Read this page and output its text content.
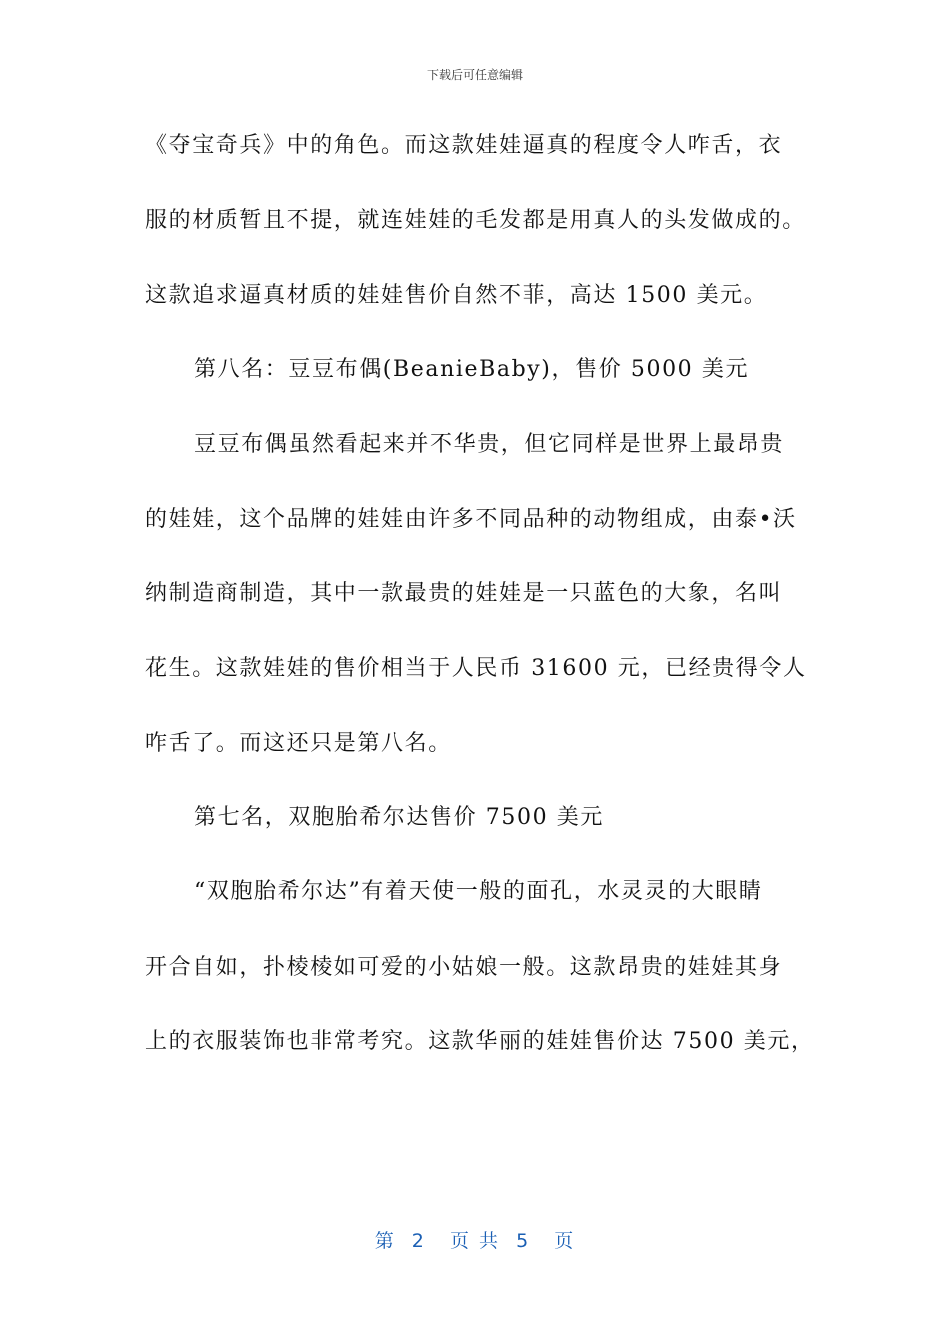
下载后可任意编辑
《夺宝奇兵》中的角色。而这款娃娃逼真的程度令人咋舌，衣
服的材质暂且不提，就连娃娃的毛发都是用真人的头发做成的。
这款追求逼真材质的娃娃售价自然不菲，高达 1500 美元。
第八名：豆豆布偶(BeanieBaby)，售价 5000 美元
豆豆布偶虽然看起来并不华贵，但它同样是世界上最昂贵
的娃娃，这个品牌的娃娃由许多不同品种的动物组成，由泰•沃
纳制造商制造，其中一款最贵的娃娃是一只蓝色的大象，名叫
花生。这款娃娃的售价相当于人民币 31600 元，已经贵得令人
咋舌了。而这还只是第八名。
第七名，双胞胎希尔达售价 7500 美元
“双胞胎希尔达”有着天使一般的面孔，水灵灵的大眼睛
开合自如，扑棱棱如可爱的小姑娘一般。这款昂贵的娃娃其身
上的衣服装饰也非常考究。这款华丽的娃娃售价达 7500 美元，
第  2   页 共  5   页
